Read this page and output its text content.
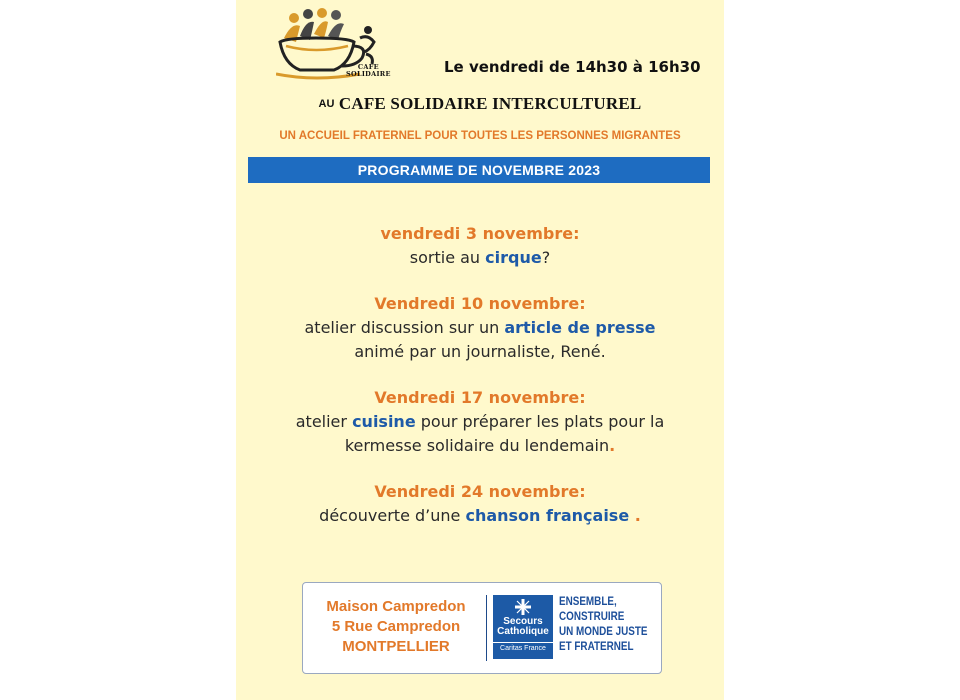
CAFE
SOLIDAIRE	Le vendredi de 14h30 à 16h30
AU CAFE SOLIDAIRE INTERCULTUREL
UN ACCUEIL FRATERNEL POUR TOUTES LES PERSONNES MIGRANTES
PROGRAMME DE NOVEMBRE 2023
vendredi 3 novembre:
sortie au cirque?
Vendredi 10 novembre:
atelier discussion sur un article de presse
animé par un journaliste, René.
Vendredi 17 novembre:
atelier cuisine pour préparer les plats pour la
kermesse solidaire du lendemain.
Vendredi 24 novembre:
découverte d’une chanson française .
Maison Campredon
5 Rue Campredon
MONTPELLIER
Secours
Catholique
Caritas France
ENSEMBLE,
CONSTRUIRE
UN MONDE JUSTE
ET FRATERNEL
